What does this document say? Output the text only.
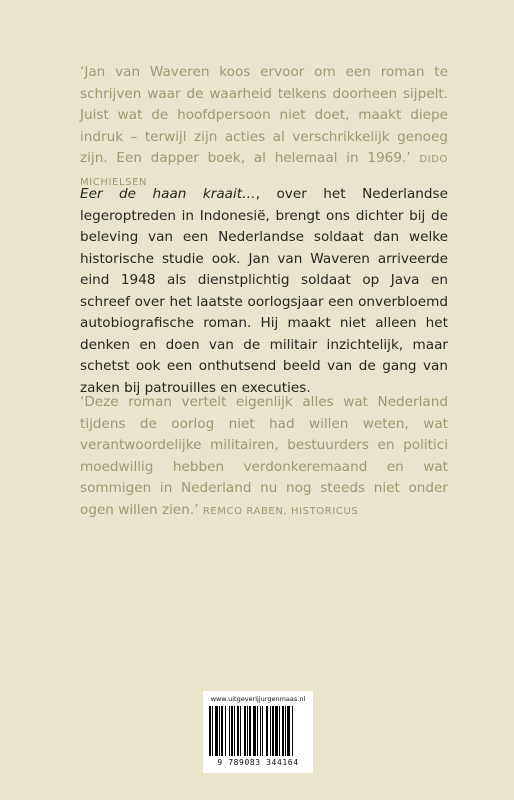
‘Jan van Waveren koos ervoor om een roman te schrijven waar de waarheid telkens doorheen sijpelt. Juist wat de hoofdpersoon niet doet, maakt diepe indruk – terwijl zijn acties al verschrikkelijk genoeg zijn. Een dapper boek, al helemaal in 1969.’ DIDO MICHIELSEN
Eer de haan kraait…, over het Nederlandse legeroptreden in Indonesië, brengt ons dichter bij de beleving van een Nederlandse soldaat dan welke historische studie ook. Jan van Waveren arriveerde eind 1948 als dienstplichtig soldaat op Java en schreef over het laatste oorlogsjaar een onverbloemd autobiografische roman. Hij maakt niet alleen het denken en doen van de militair inzichtelijk, maar schetst ook een onthutsend beeld van de gang van zaken bij patrouilles en executies.
‘Deze roman vertelt eigenlijk alles wat Nederland tijdens de oorlog niet had willen weten, wat verantwoordelijke militairen, bestuurders en politici moedwillig hebben verdonkeremaand en wat sommigen in Nederland nu nog steeds niet onder ogen willen zien.’ REMCO RABEN, HISTORICUS
www.uitgeverijjurgenmaas.nl
9 789083 344164
